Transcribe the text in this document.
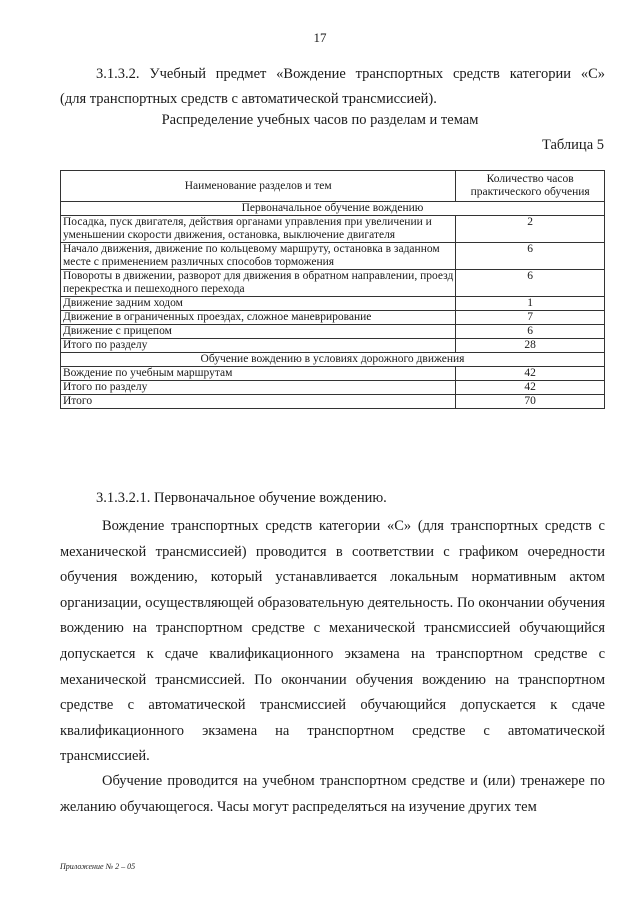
17
3.1.3.2. Учебный предмет «Вождение транспортных средств категории «С»
(для транспортных средств с автоматической трансмиссией).
Распределение учебных часов по разделам и темам
Таблица 5
Наименование разделов и тем	Количество часов практического обучения
Первоначальное обучение вождению	
Посадка, пуск двигателя, действия органами управления при увеличении и уменьшении скорости движения, остановка, выключение двигателя	2
Начало движения, движение по кольцевому маршруту, остановка в заданном месте с применением различных способов торможения	6
Повороты в движении, разворот для движения в обратном направлении, проезд перекрестка и пешеходного перехода	6
Движение задним ходом	1
Движение в ограниченных проездах, сложное маневрирование	7
Движение с прицепом	6
Итого по разделу	28
Обучение вождению в условиях дорожного движения	
Вождение по учебным маршрутам	42
Итого по разделу	42
Итого	70
3.1.3.2.1. Первоначальное обучение вождению.

Вождение транспортных средств категории «С» (для транспортных средств с механической трансмиссией) проводится в соответствии с графиком очередности обучения вождению, который устанавливается локальным нормативным актом организации, осуществляющей образовательную деятельность. По окончании обучения вождению на транспортном средстве с механической трансмиссией обучающийся допускается к сдаче квалификационного экзамена на транспортном средстве с механической трансмиссией. По окончании обучения вождению на транспортном средстве с автоматической трансмиссией обучающийся допускается к сдаче квалификационного экзамена на транспортном средстве с автоматической трансмиссией.

Обучение проводится на учебном транспортном средстве и (или) тренажере по желанию обучающегося. Часы могут распределяться на изучение других тем

Приложение № 2 – 05
